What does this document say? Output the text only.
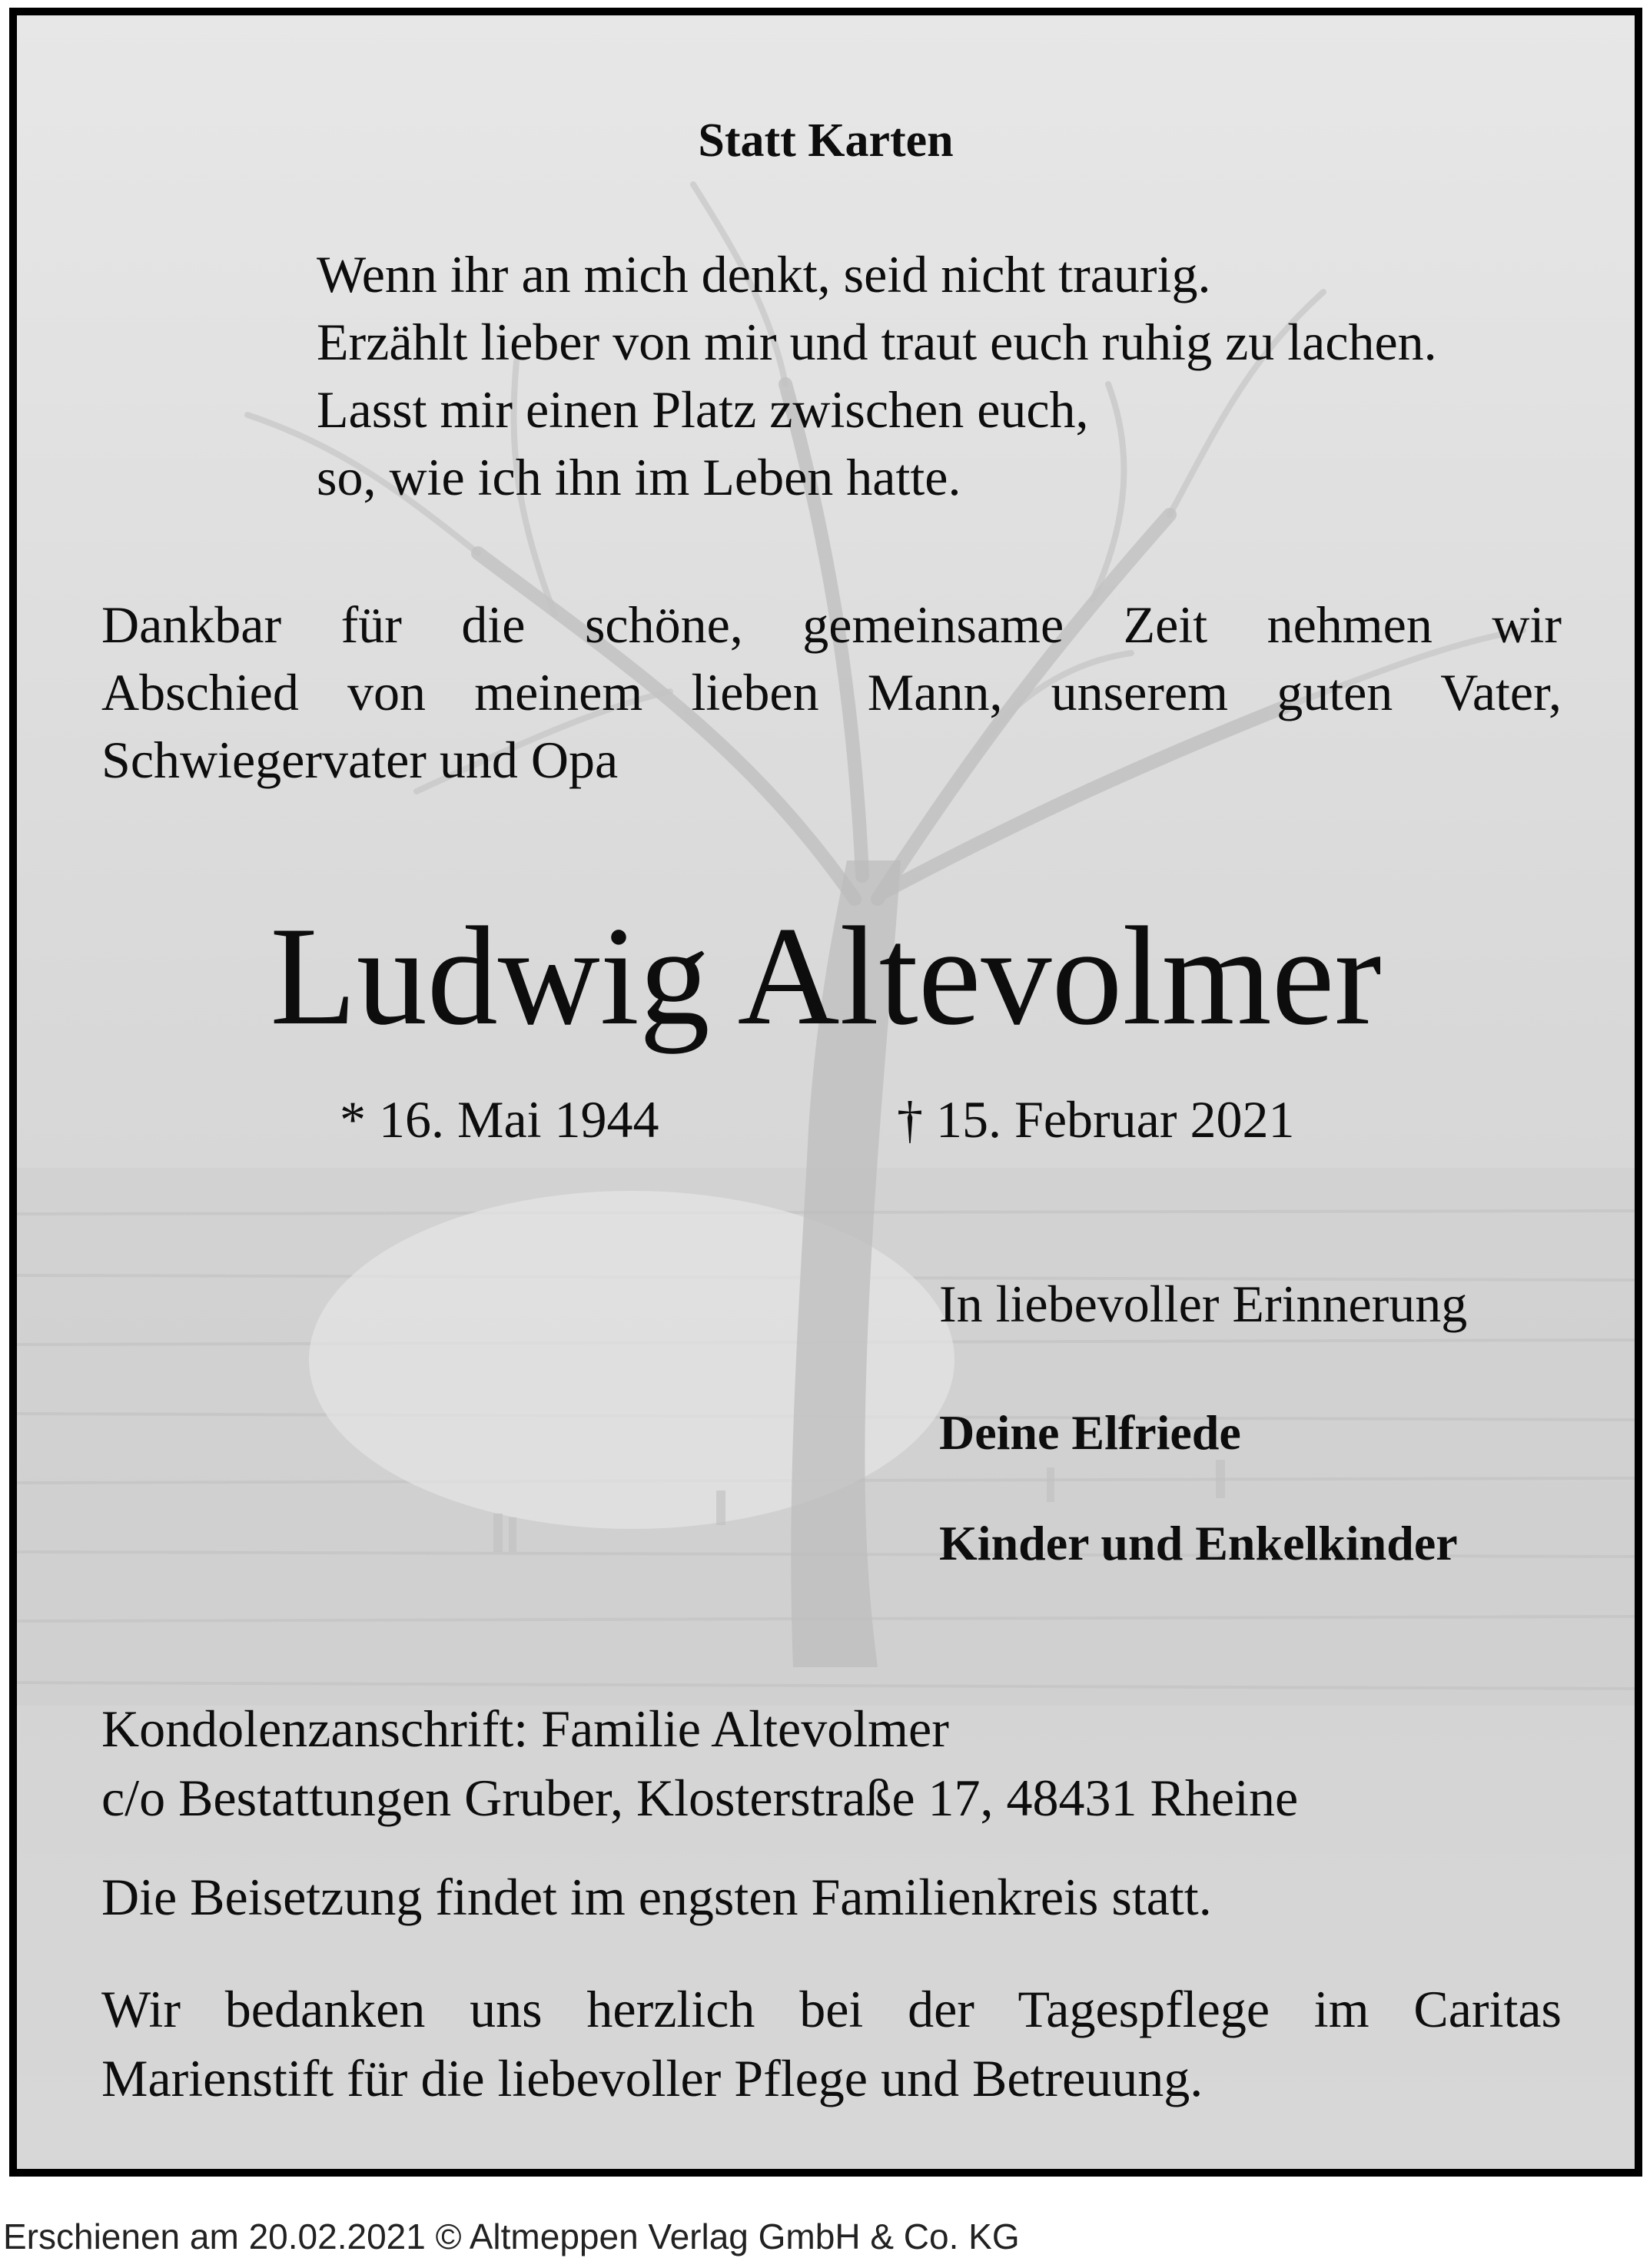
Statt Karten
Wenn ihr an mich denkt, seid nicht traurig.
Erzählt lieber von mir und traut euch ruhig zu lachen.
Lasst mir einen Platz zwischen euch,
so, wie ich ihn im Leben hatte.
Dankbar für die schöne, gemeinsame Zeit nehmen wir
Abschied von meinem lieben Mann, unserem guten Vater,
Schwiegervater und Opa
Ludwig Altevolmer
* 16. Mai 1944	† 15. Februar 2021
In liebevoller Erinnerung
Deine Elfriede
Kinder und Enkelkinder
Kondolenzanschrift: Familie Altevolmer
c/o Bestattungen Gruber, Klosterstraße 17, 48431 Rheine
Die Beisetzung findet im engsten Familienkreis statt.
Wir bedanken uns herzlich bei der Tagespflege im Caritas
Marienstift für die liebevoller Pflege und Betreuung.
Erschienen am 20.02.2021 © Altmeppen Verlag GmbH & Co. KG
